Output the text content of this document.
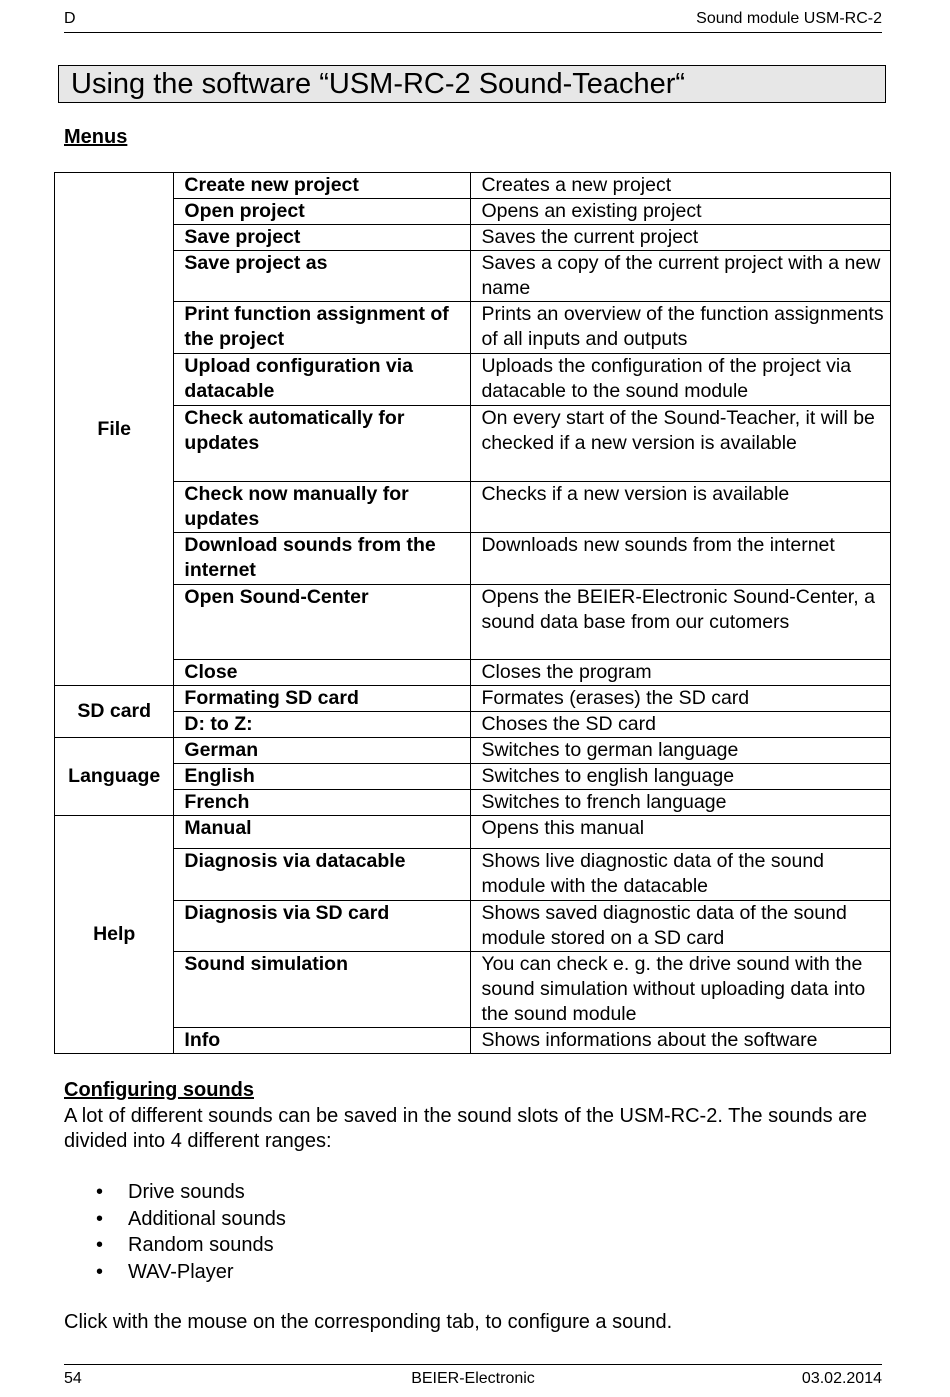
D	Sound module USM-RC-2
Using the software “USM-RC-2 Sound-Teacher“
Menus
File	Create new project	Creates a new project
	Open project	Opens an existing project
	Save project	Saves the current project
	Save project as	Saves a copy of the current project with a new name
	Print function assignment of the project	Prints an overview of the function assignments of all inputs and outputs
	Upload configuration via datacable	Uploads the configuration of the project via datacable to the sound module
	Check automatically for updates	On every start of the Sound-Teacher, it will be checked if a new version is available
	Check now manually for updates	Checks if a new version is available
	Download sounds from the internet	Downloads new sounds from the internet
	Open Sound-Center	Opens the BEIER-Electronic Sound-Center, a sound data base from our cutomers
	Close	Closes the program
SD card	Formating SD card	Formates (erases) the SD card
	D: to Z:	Choses the SD card
Language	German	Switches to german language
	English	Switches to english language
	French	Switches to french language
Help	Manual	Opens this manual
	Diagnosis via datacable	Shows live diagnostic data of the sound module with the datacable
	Diagnosis via SD card	Shows saved diagnostic data of the sound module stored on a SD card
	Sound simulation	You can check e. g. the drive sound with the sound simulation without uploading data into the sound module
	Info	Shows informations about the software
Configuring sounds
A lot of different sounds can be saved in the sound slots of the USM-RC-2. The sounds are divided into 4 different ranges:
• Drive sounds
• Additional sounds
• Random sounds
• WAV-Player
Click with the mouse on the corresponding tab, to configure a sound.
54	BEIER-Electronic	03.02.2014
